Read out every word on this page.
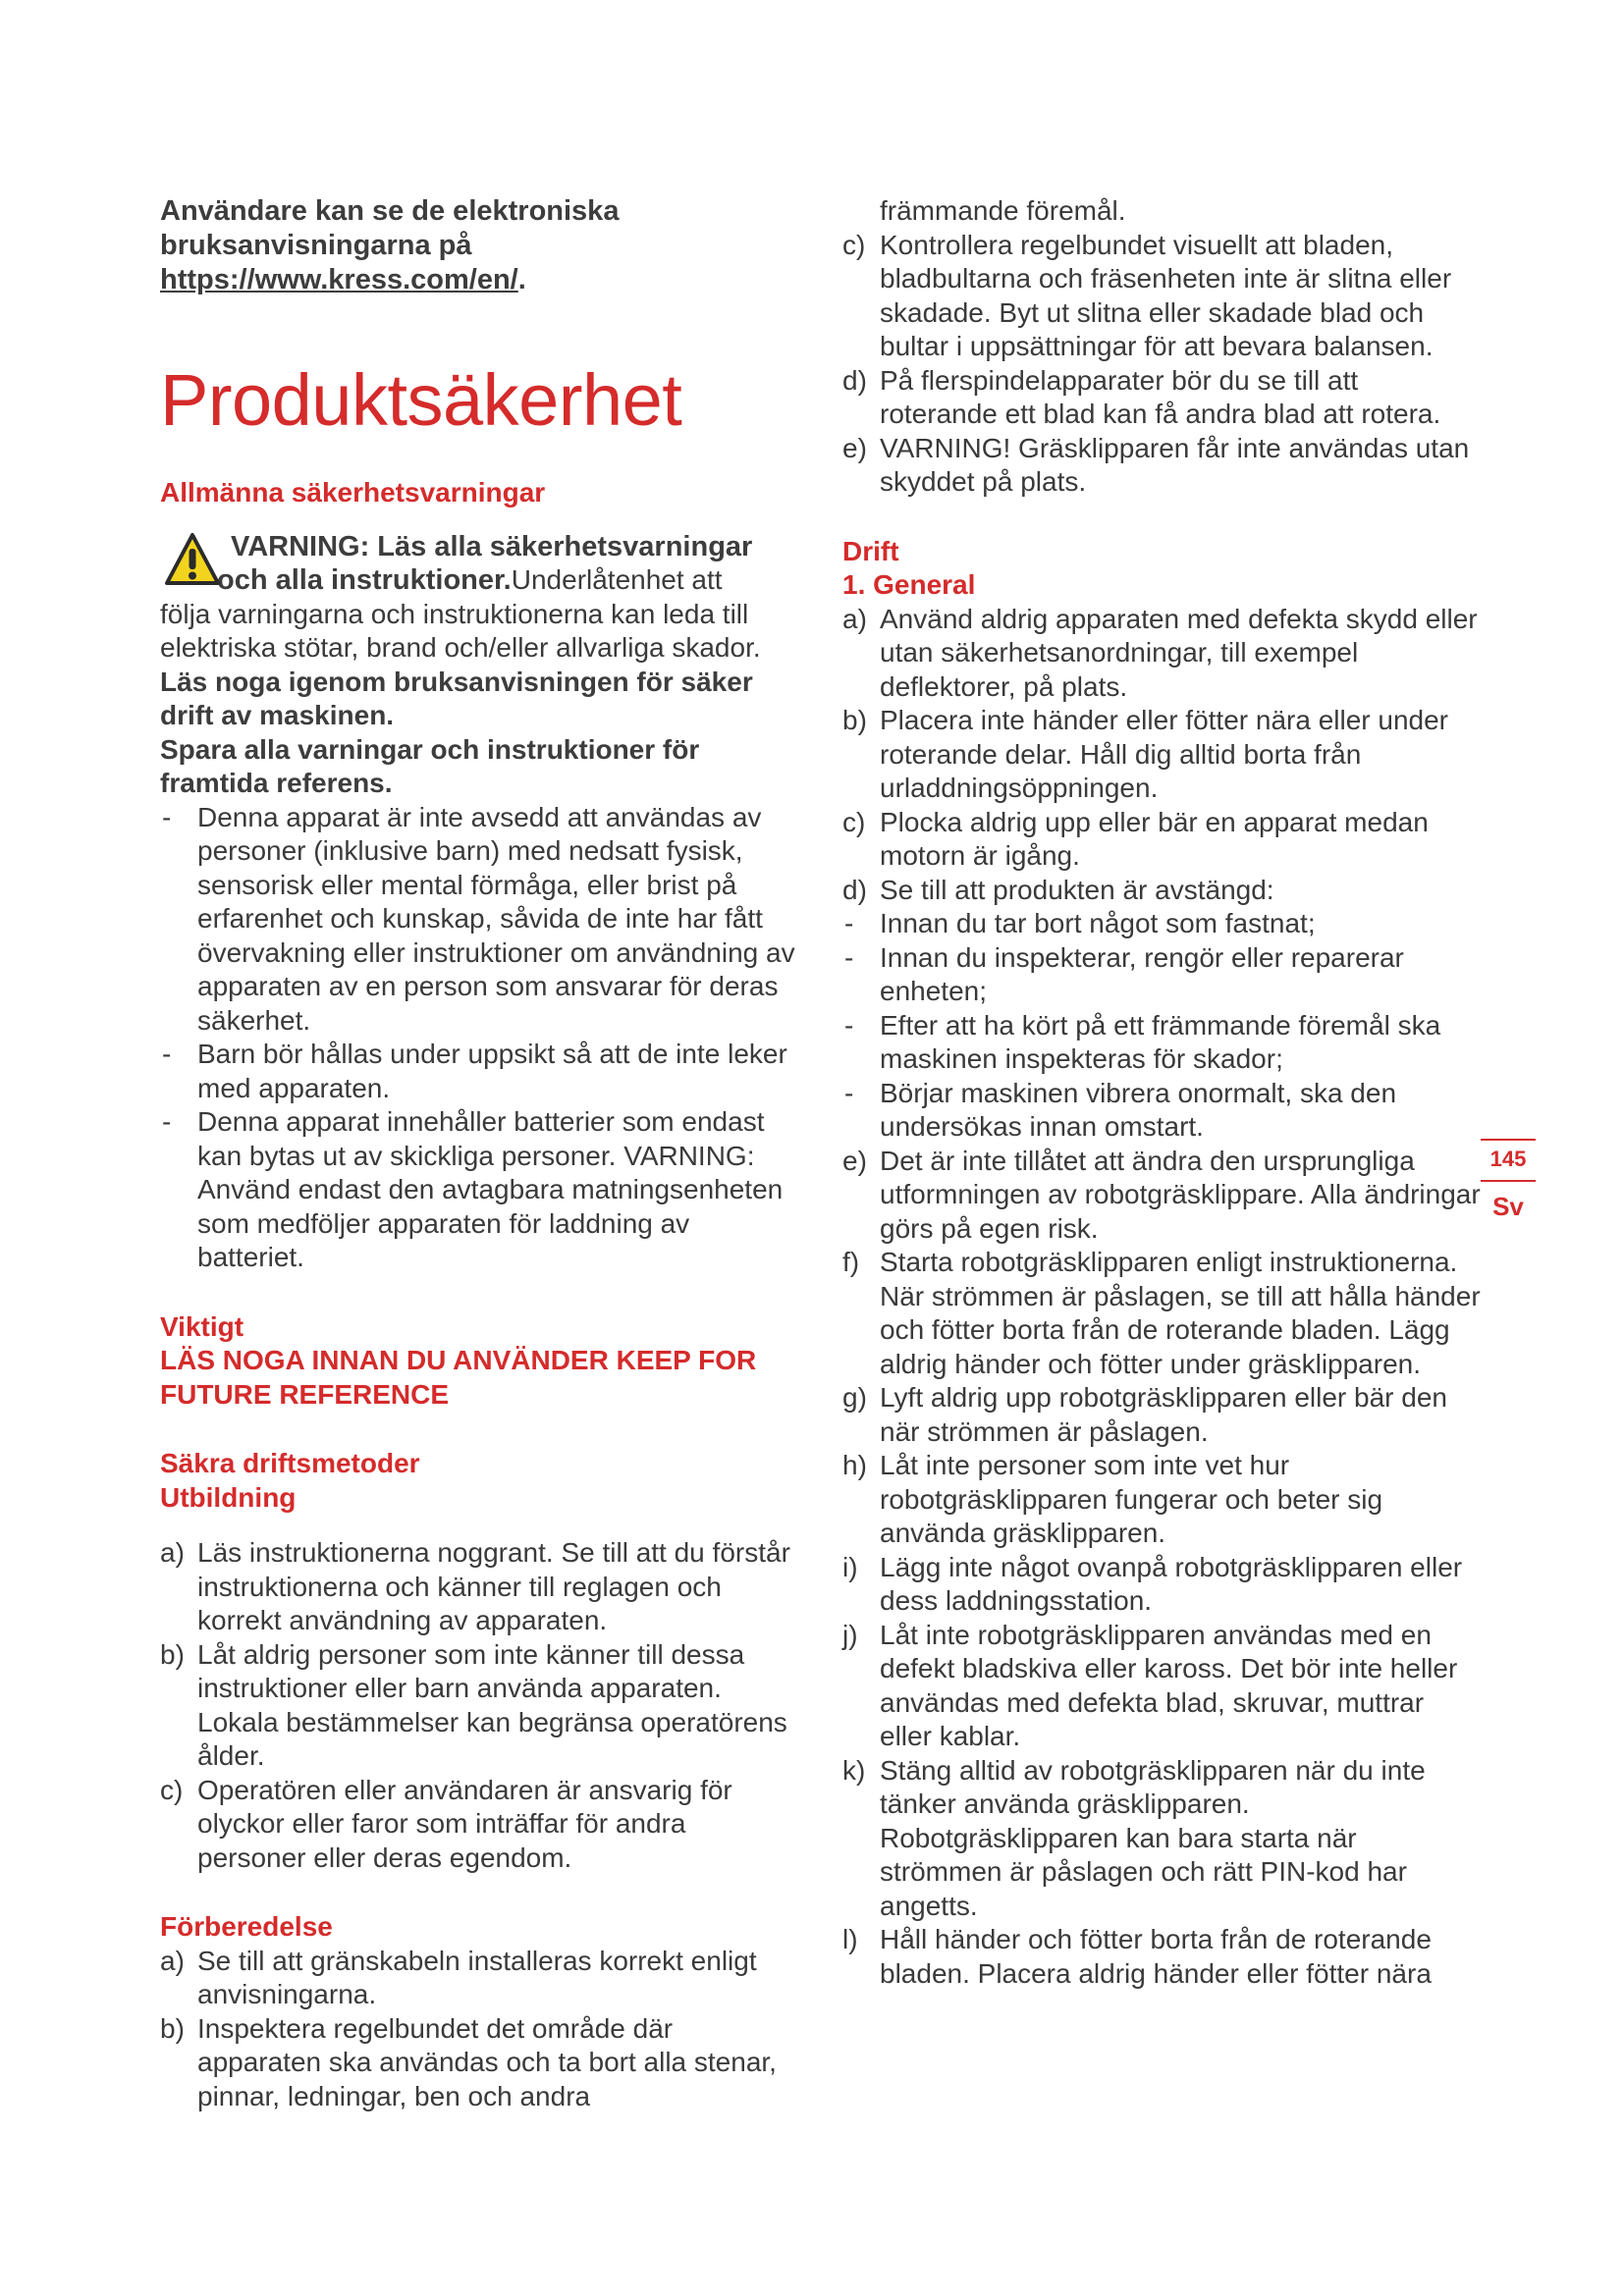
Användare kan se de elektroniska bruksanvisningarna på https://www.kress.com/en/.

Produktsäkerhet
Allmänna säkerhetsvarningar

VARNING: Läs alla säkerhetsvarningar

och alla instruktioner.Underlåtenhet att

följa varningarna och instruktionerna kan leda till elektriska stötar, brand och/eller allvarliga skador.

Läs noga igenom bruksanvisningen för säker drift av maskinen.

Spara alla varningar och instruktioner för framtida referens.

- Denna apparat är inte avsedd att användas av personer (inklusive barn) med nedsatt fysisk, sensorisk eller mental förmåga, eller brist på erfarenhet och kunskap, såvida de inte har fått övervakning eller instruktioner om användning av apparaten av en person som ansvarar för deras säkerhet.
- Barn bör hållas under uppsikt så att de inte leker med apparaten.
- Denna apparat innehåller batterier som endast kan bytas ut av skickliga personer. VARNING: Använd endast den avtagbara matningsenheten som medföljer apparaten för laddning av batteriet.

Viktigt

LÄS NOGA INNAN DU ANVÄNDER KEEP FOR FUTURE REFERENCE

Säkra driftsmetoder

Utbildning

a) Läs instruktionerna noggrant. Se till att du förstår instruktionerna och känner till reglagen och korrekt användning av apparaten.
b) Låt aldrig personer som inte känner till dessa instruktioner eller barn använda apparaten. Lokala bestämmelser kan begränsa operatörens ålder.
c) Operatören eller användaren är ansvarig för olyckor eller faror som inträffar för andra personer eller deras egendom.

Förberedelse

a) Se till att gränskabeln installeras korrekt enligt anvisningarna.
b) Inspektera regelbundet det område där apparaten ska användas och ta bort alla stenar, pinnar, ledningar, ben och andra

främmande föremål.

c) Kontrollera regelbundet visuellt att bladen, bladbultarna och fräsenheten inte är slitna eller skadade. Byt ut slitna eller skadade blad och bultar i uppsättningar för att bevara balansen.
d) På flerspindelapparater bör du se till att roterande ett blad kan få andra blad att rotera.
e) VARNING! Gräsklipparen får inte användas utan skyddet på plats.

Drift

1. General

a) Använd aldrig apparaten med defekta skydd eller utan säkerhetsanordningar, till exempel deflektorer, på plats.
b) Placera inte händer eller fötter nära eller under roterande delar. Håll dig alltid borta från urladdningsöppningen.
c) Plocka aldrig upp eller bär en apparat medan motorn är igång.
d) Se till att produkten är avstängd:
- Innan du tar bort något som fastnat;
- Innan du inspekterar, rengör eller reparerar enheten;
- Efter att ha kört på ett främmande föremål ska maskinen inspekteras för skador;
- Börjar maskinen vibrera onormalt, ska den undersökas innan omstart.
e) Det är inte tillåtet att ändra den ursprungliga utformningen av robotgräsklippare. Alla ändringar görs på egen risk.
f) Starta robotgräsklipparen enligt instruktionerna. När strömmen är påslagen, se till att hålla händer och fötter borta från de roterande bladen. Lägg aldrig händer och fötter under gräsklipparen.
g) Lyft aldrig upp robotgräsklipparen eller bär den när strömmen är påslagen.
h) Låt inte personer som inte vet hur robotgräsklipparen fungerar och beter sig använda gräsklipparen.
i) Lägg inte något ovanpå robotgräsklipparen eller dess laddningsstation.
j) Låt inte robotgräsklipparen användas med en defekt bladskiva eller kaross. Det bör inte heller användas med defekta blad, skruvar, muttrar eller kablar.
k) Stäng alltid av robotgräsklipparen när du inte tänker använda gräsklipparen. Robotgräsklipparen kan bara starta när strömmen är påslagen och rätt PIN-kod har angetts.
l) Håll händer och fötter borta från de roterande bladen. Placera aldrig händer eller fötter nära
145
Sv
